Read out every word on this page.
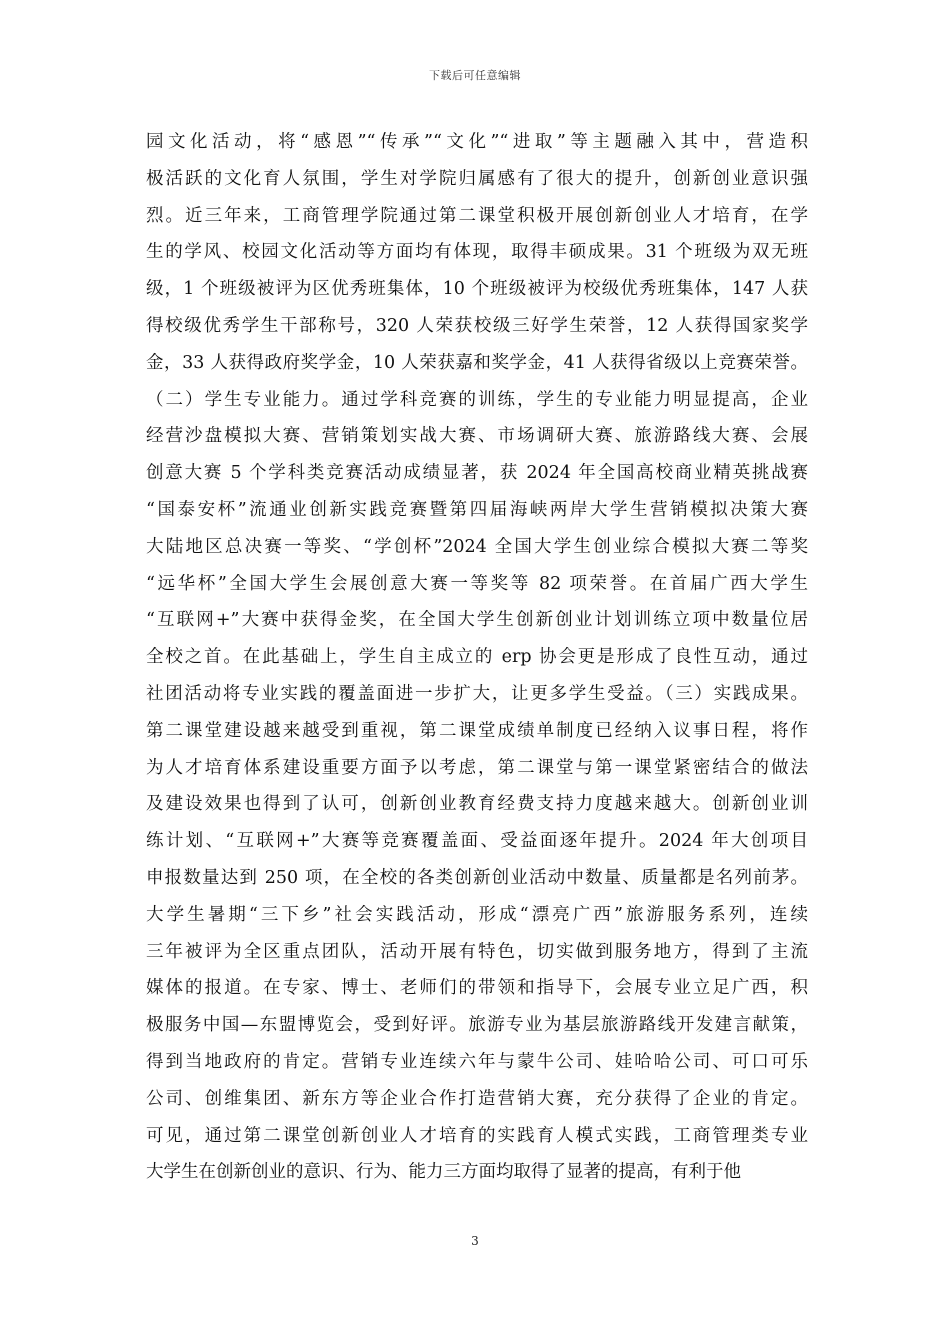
下载后可任意编辑
园文化活动，将“感恩”“传承”“文化”“进取”等主题融入其中，营造积
极活跃的文化育人氛围，学生对学院归属感有了很大的提升，创新创业意识强
烈。近三年来，工商管理学院通过第二课堂积极开展创新创业人才培育，在学
生的学风、校园文化活动等方面均有体现，取得丰硕成果。31 个班级为双无班
级，1 个班级被评为区优秀班集体，10 个班级被评为校级优秀班集体，147 人获
得校级优秀学生干部称号，320 人荣获校级三好学生荣誉，12 人获得国家奖学
金，33 人获得政府奖学金，10 人荣获嘉和奖学金，41 人获得省级以上竞赛荣誉。
（二）学生专业能力。通过学科竞赛的训练，学生的专业能力明显提高，企业
经营沙盘模拟大赛、营销策划实战大赛、市场调研大赛、旅游路线大赛、会展
创意大赛 5 个学科类竞赛活动成绩显著，获 2024 年全国高校商业精英挑战赛
“国泰安杯”流通业创新实践竞赛暨第四届海峡两岸大学生营销模拟决策大赛
大陆地区总决赛一等奖、“学创杯”2024 全国大学生创业综合模拟大赛二等奖
“远华杯”全国大学生会展创意大赛一等奖等 82 项荣誉。在首届广西大学生
“互联网+”大赛中获得金奖，在全国大学生创新创业计划训练立项中数量位居
全校之首。在此基础上，学生自主成立的 erp 协会更是形成了良性互动，通过
社团活动将专业实践的覆盖面进一步扩大，让更多学生受益。（三）实践成果。
第二课堂建设越来越受到重视，第二课堂成绩单制度已经纳入议事日程，将作
为人才培育体系建设重要方面予以考虑，第二课堂与第一课堂紧密结合的做法
及建设效果也得到了认可，创新创业教育经费支持力度越来越大。创新创业训
练计划、“互联网+”大赛等竞赛覆盖面、受益面逐年提升。2024 年大创项目
申报数量达到 250 项，在全校的各类创新创业活动中数量、质量都是名列前茅。
大学生暑期“三下乡”社会实践活动，形成“漂亮广西”旅游服务系列，连续
三年被评为全区重点团队，活动开展有特色，切实做到服务地方，得到了主流
媒体的报道。在专家、博士、老师们的带领和指导下，会展专业立足广西，积
极服务中国—东盟博览会，受到好评。旅游专业为基层旅游路线开发建言献策，
得到当地政府的肯定。营销专业连续六年与蒙牛公司、娃哈哈公司、可口可乐
公司、创维集团、新东方等企业合作打造营销大赛，充分获得了企业的肯定。
可见，通过第二课堂创新创业人才培育的实践育人模式实践，工商管理类专业
大学生在创新创业的意识、行为、能力三方面均取得了显著的提高，有利于他
3
